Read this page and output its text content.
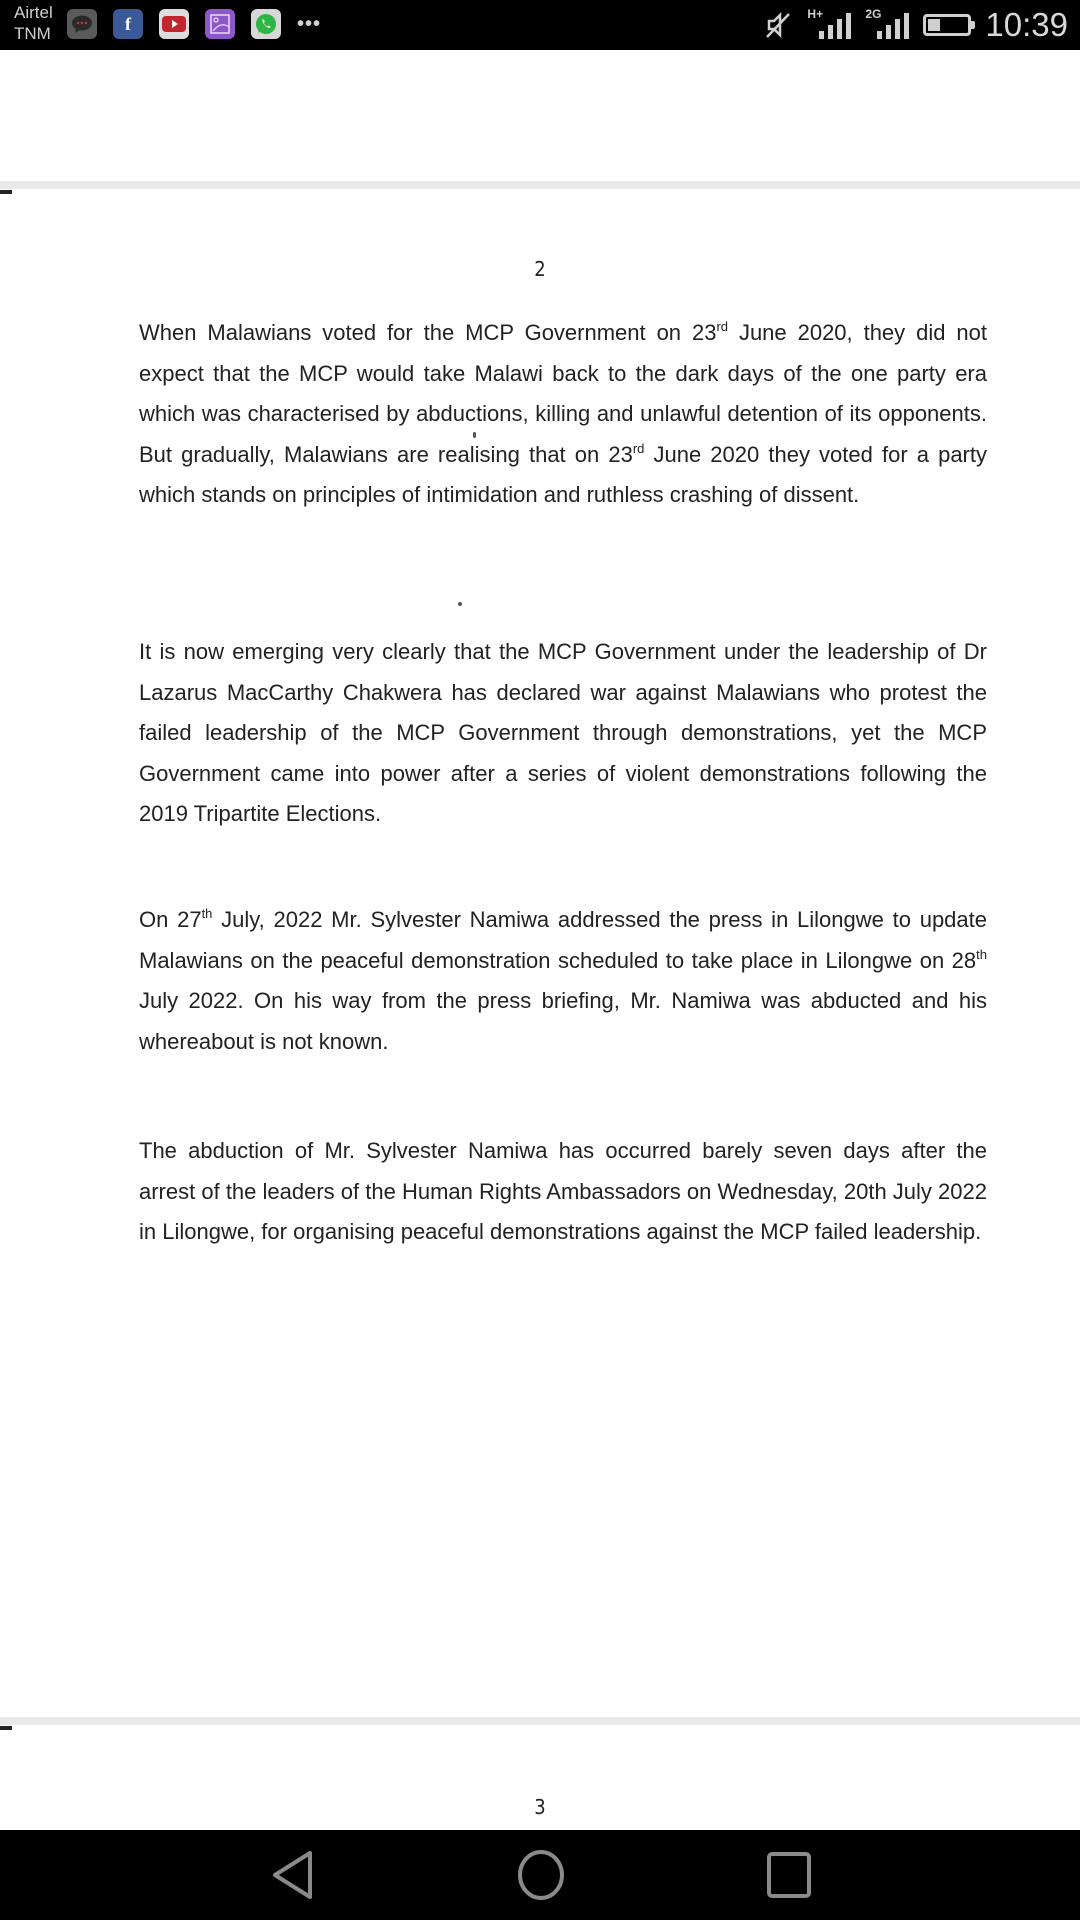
Airtel
TNM	f	•••	H+	2G	10:39
2

When Malawians voted for the MCP Government on 23rd June 2020, they did not expect that the MCP would take Malawi back to the dark days of the one party era which was characterised by abductions, killing and unlawful detention of its opponents. But gradually, Malawians are realising that on 23rd June 2020 they voted for a party which stands on principles of intimidation and ruthless crashing of dissent.

It is now emerging very clearly that the MCP Government under the leadership of Dr Lazarus MacCarthy Chakwera has declared war against Malawians who protest the failed leadership of the MCP Government through demonstrations, yet the MCP Government came into power after a series of violent demonstrations following the 2019 Tripartite Elections.

On 27th July, 2022 Mr. Sylvester Namiwa addressed the press in Lilongwe to update Malawians on the peaceful demonstration scheduled to take place in Lilongwe on 28th July 2022. On his way from the press briefing, Mr. Namiwa was abducted and his whereabout is not known.

The abduction of Mr. Sylvester Namiwa has occurred barely seven days after the arrest of the leaders of the Human Rights Ambassadors on Wednesday, 20th July 2022 in Lilongwe, for organising peaceful demonstrations against the MCP failed leadership.

3
